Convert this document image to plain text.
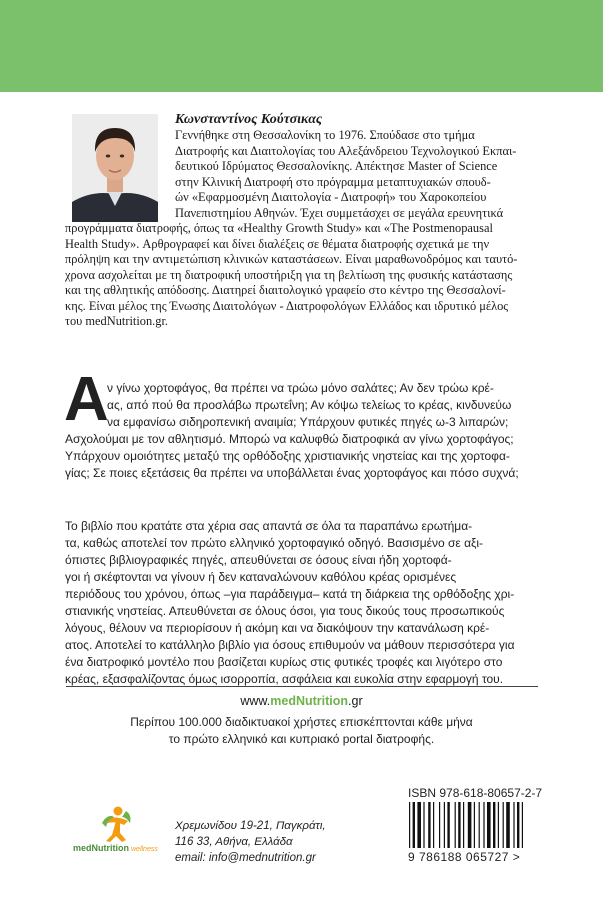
Κωνσταντίνος Κούτσικας
Γεννήθηκε στη Θεσσαλονίκη το 1976. Σπούδασε στο τμήμα
Διατροφής και Διαιτολογίας του Αλεξάνδρειου Τεχνολογικού Εκπαι-
δευτικού Ιδρύματος Θεσσαλονίκης. Απέκτησε Master of Science
στην Κλινική Διατροφή στο πρόγραμμα μεταπτυχιακών σπουδ-
ών «Εφαρμοσμένη Διαιτολογία - Διατροφή» του Χαροκοπείου
Πανεπιστημίου Αθηνών. Έχει συμμετάσχει σε μεγάλα ερευνητικά
προγράμματα διατροφής, όπως τα «Healthy Growth Study» και «The Postmenopausal
Health Study». Αρθρογραφεί και δίνει διαλέξεις σε θέματα διατροφής σχετικά με την
πρόληψη και την αντιμετώπιση κλινικών καταστάσεων. Είναι μαραθωνοδρόμος και ταυτό-
χρονα ασχολείται με τη διατροφική υποστήριξη για τη βελτίωση της φυσικής κατάστασης
και της αθλητικής απόδοσης. Διατηρεί διαιτολογικό γραφείο στο κέντρο της Θεσσαλονί-
κης. Είναι μέλος της Ένωσης Διαιτολόγων - Διατροφολόγων Ελλάδος και ιδρυτικό μέλος
του medNutrition.gr.
Α
ν γίνω χορτοφάγος, θα πρέπει να τρώω μόνο σαλάτες; Αν δεν τρώω κρέ-
ας, από πού θα προσλάβω πρωτεΐνη; Αν κόψω τελείως το κρέας, κινδυνεύω
να εμφανίσω σιδηροπενική αναιμία; Υπάρχουν φυτικές πηγές ω-3 λιπαρών;
Ασχολούμαι με τον αθλητισμό. Μπορώ να καλυφθώ διατροφικά αν γίνω χορτοφάγος;
Υπάρχουν ομοιότητες μεταξύ της ορθόδοξης χριστιανικής νηστείας και της χορτοφα-
γίας; Σε ποιες εξετάσεις θα πρέπει να υποβάλλεται ένας χορτοφάγος και πόσο συχνά;
Το βιβλίο που κρατάτε στα χέρια σας απαντά σε όλα τα παραπάνω ερωτήμα-
τα, καθώς αποτελεί τον πρώτο ελληνικό χορτοφαγικό οδηγό. Βασισμένο σε αξι-
όπιστες βιβλιογραφικές πηγές, απευθύνεται σε όσους είναι ήδη χορτοφά-
γοι ή σκέφτονται να γίνουν ή δεν καταναλώνουν καθόλου κρέας ορισμένες
περιόδους του χρόνου, όπως –για παράδειγμα– κατά τη διάρκεια της ορθόδοξης χρι-
στιανικής νηστείας. Απευθύνεται σε όλους όσοι, για τους δικούς τους προσωπικούς
λόγους, θέλουν να περιορίσουν ή ακόμη και να διακόψουν την κατανάλωση κρέ-
ατος. Αποτελεί το κατάλληλο βιβλίο για όσους επιθυμούν να μάθουν περισσότερα για
ένα διατροφικό μοντέλο που βασίζεται κυρίως στις φυτικές τροφές και λιγότερο στο
κρέας, εξασφαλίζοντας όμως ισορροπία, ασφάλεια και ευκολία στην εφαρμογή του.
www.medNutrition.gr
Περίπου 100.000 διαδικτυακοί χρήστες επισκέπτονται κάθε μήνα
το πρώτο ελληνικό και κυπριακό portal διατροφής.
medNutrition wellness
Χρεμωνίδου 19-21, Παγκράτι,
116 33, Αθήνα, Ελλάδα
email: info@mednutrition.gr
ISBN 978-618-80657-2-7
9 786188 065727 >
